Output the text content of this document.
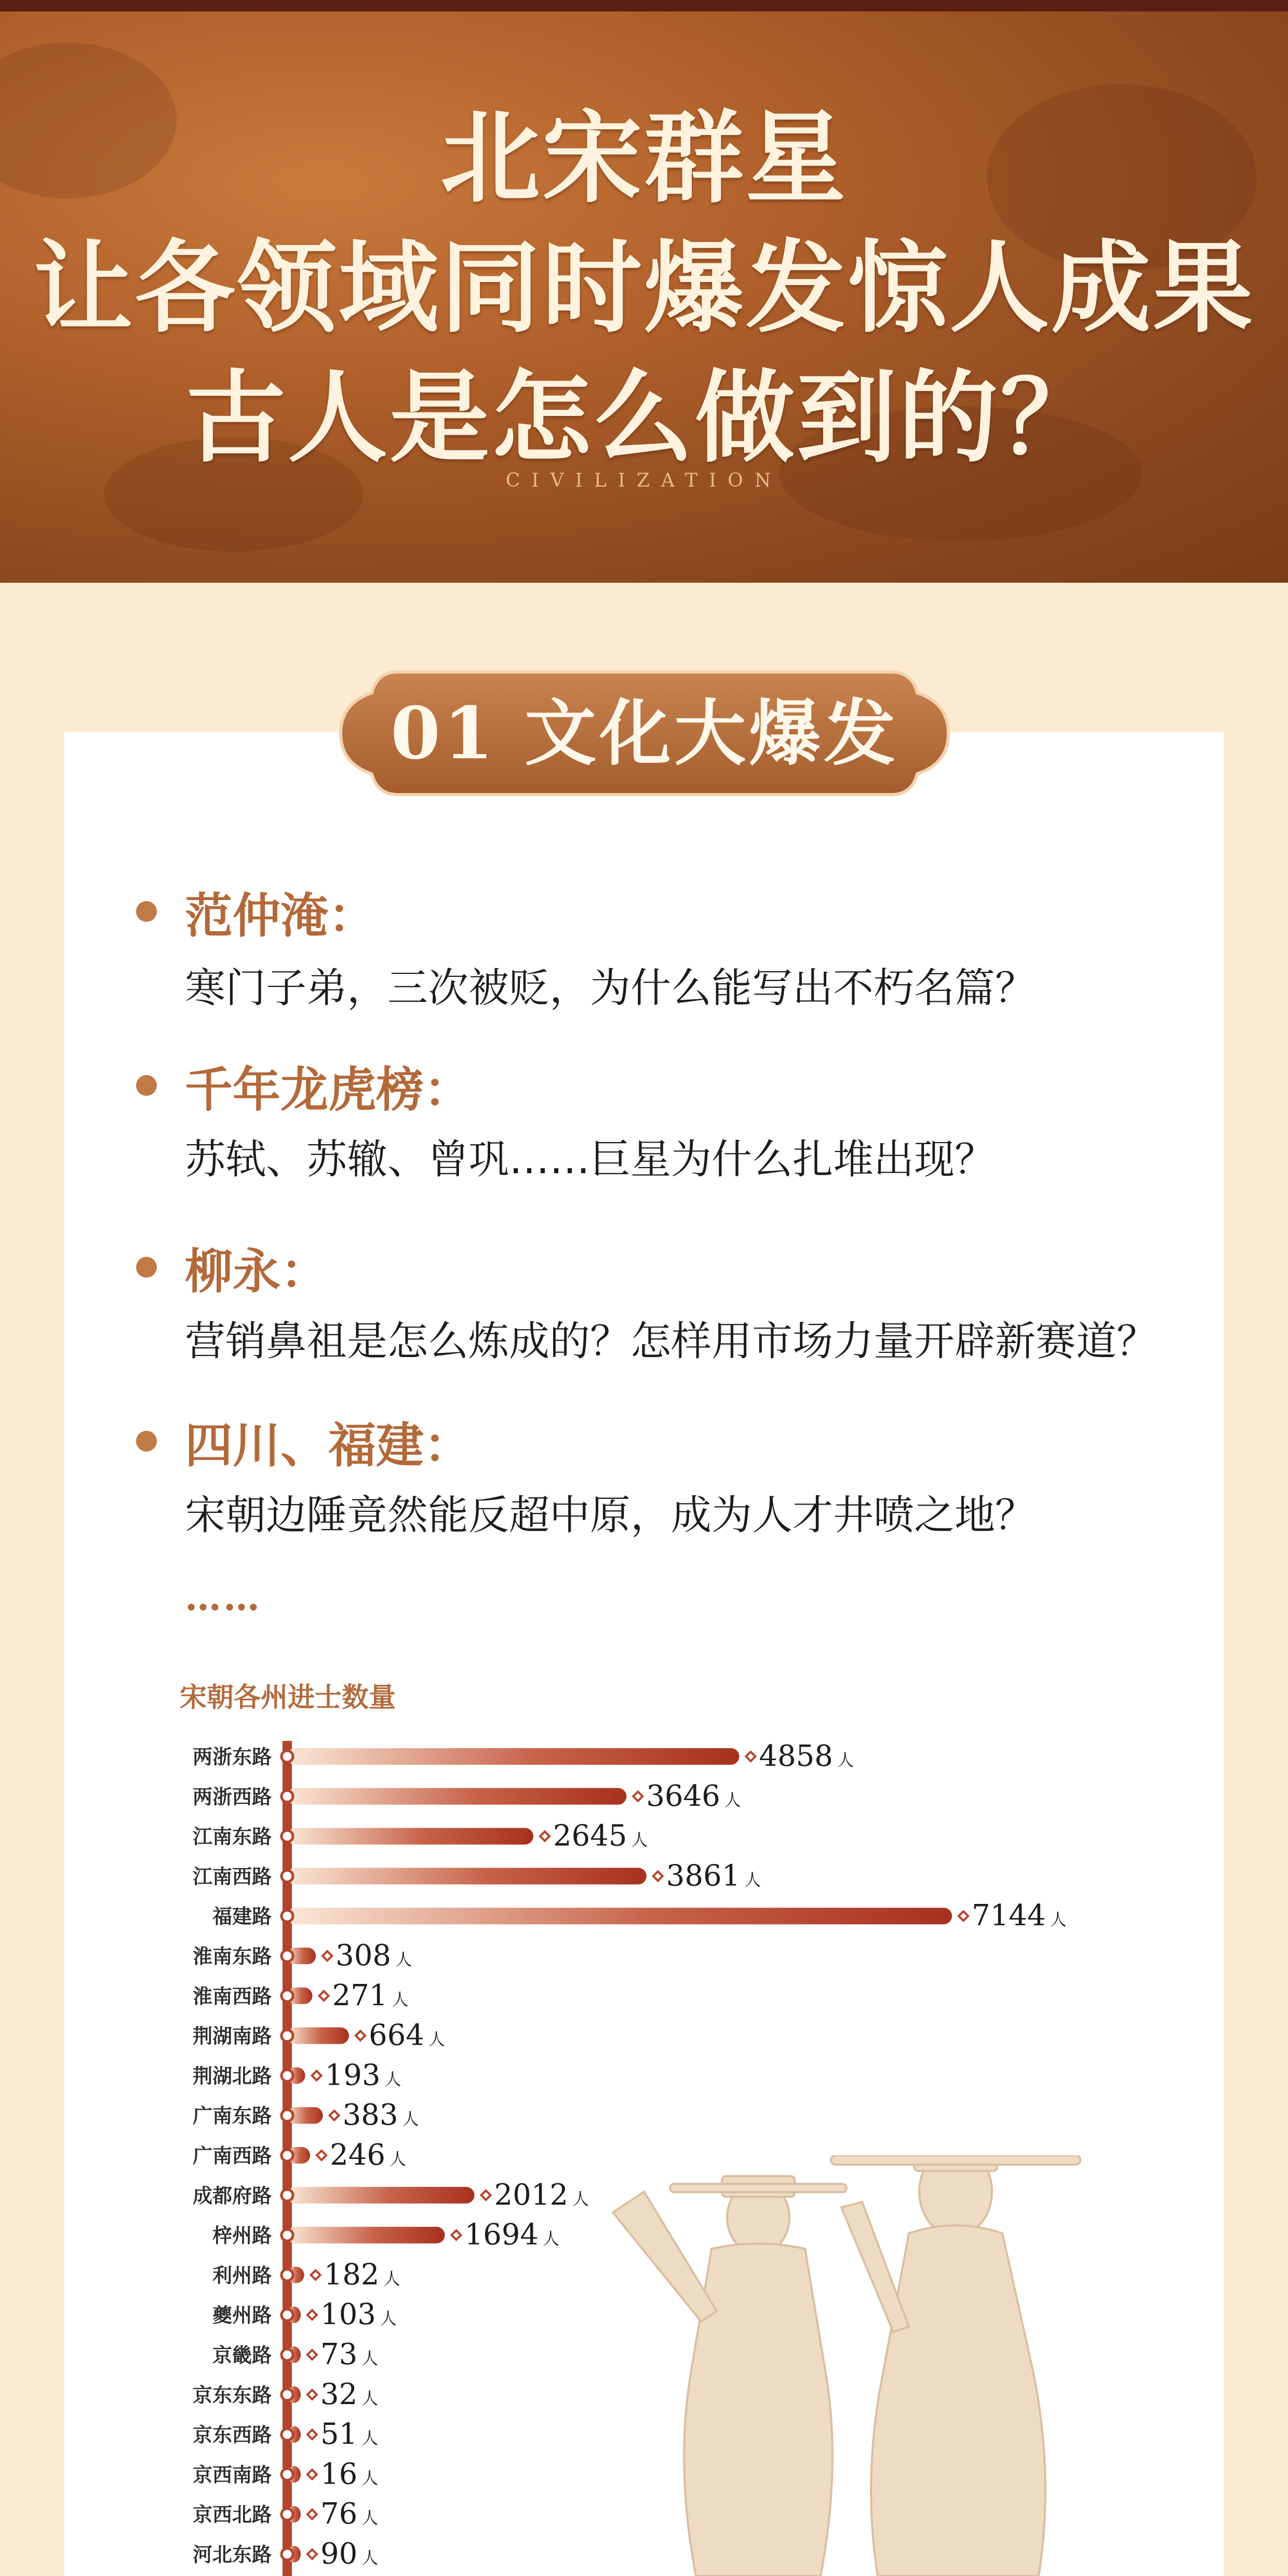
北宋群星
让各领域同时爆发惊人成果
古人是怎么做到的？
CIVILIZATION
01 文化大爆发
范仲淹：
寒门子弟，三次被贬，为什么能写出不朽名篇？
千年龙虎榜：
苏轼、苏辙、曾巩……巨星为什么扎堆出现？
柳永：
营销鼻祖是怎么炼成的？怎样用市场力量开辟新赛道？
四川、福建：
宋朝边陲竟然能反超中原，成为人才井喷之地？
……
宋朝各州进士数量
两浙东路	4858 人
两浙西路	3646 人
江南东路	2645 人
江南西路	3861 人
福建路	7144 人
淮南东路 308 人
淮南西路 271 人
荆湖南路	664 人
荆湖北路 193 人
广南东路 383 人
广南西路 246 人
成都府路	2012 人
梓州路	1694 人
利州路 182 人
夔州路 103 人
京畿路 73 人
京东东路 32 人
京东西路 51 人
京西南路 16 人
京西北路 76 人
河北东路 90 人
